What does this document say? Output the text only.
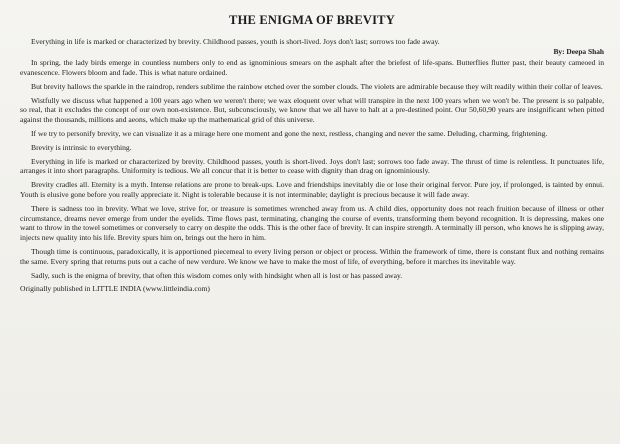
THE ENIGMA OF BREVITY

Everything in life is marked or characterized by brevity. Childhood passes, youth is short-lived. Joys don't last; sorrows too fade away.

By: Deepa Shah

In spring, the lady birds emerge in countless numbers only to end as ignominious smears on the asphalt after the briefest of life-spans. Butterflies flutter past, their beauty cameoed in evanescence. Flowers bloom and fade. This is what nature ordained.

But brevity hallows the sparkle in the raindrop, renders sublime the rainbow etched over the somber clouds. The violets are admirable because they wilt readily within their collar of leaves.

Wistfully we discuss what happened a 100 years ago when we weren't there; we wax eloquent over what will transpire in the next 100 years when we won't be. The present is so palpable, so real, that it excludes the concept of our own non-existence. But, subconsciously, we know that we all have to halt at a pre-destined point. Our 50,60,90 years are insignificant when pitted against the thousands, millions and aeons, which make up the mathematical grid of this universe.

If we try to personify brevity, we can visualize it as a mirage here one moment and gone the next, restless, changing and never the same. Deluding, charming, frightening.

Brevity is intrinsic to everything.

Everything in life is marked or characterized by brevity. Childhood passes, youth is short-lived. Joys don't last; sorrows too fade away. The thrust of time is relentless. It punctuates life, arranges it into short paragraphs. Uniformity is tedious. We all concur that it is better to cease with dignity than drag on ignominiously.

Brevity cradles all. Eternity is a myth. Intense relations are prone to break-ups. Love and friendships inevitably die or lose their original fervor. Pure joy, if prolonged, is tainted by ennui. Youth is elusive gone before you really appreciate it. Night is tolerable because it is not interminable; daylight is precious because it will fade away.

There is sadness too in brevity. What we love, strive for, or treasure is sometimes wrenched away from us. A child dies, opportunity does not reach fruition because of illness or other circumstance, dreams never emerge from under the eyelids. Time flows past, terminating, changing the course of events, transforming them beyond recognition. It is depressing, makes one want to throw in the towel sometimes or conversely to carry on despite the odds. This is the other face of brevity. It can inspire strength. A terminally ill person, who knows he is slipping away, injects new quality into his life. Brevity spurs him on, brings out the hero in him.

Though time is continuous, paradoxically, it is apportioned piecemeal to every living person or object or process. Within the framework of time, there is constant flux and nothing remains the same. Every spring that returns puts out a cache of new verdure. We know we have to make the most of life, of everything, before it marches its inevitable way.

Sadly, such is the enigma of brevity, that often this wisdom comes only with hindsight when all is lost or has passed away.

Originally published in LITTLE INDIA (www.littleindia.com)
